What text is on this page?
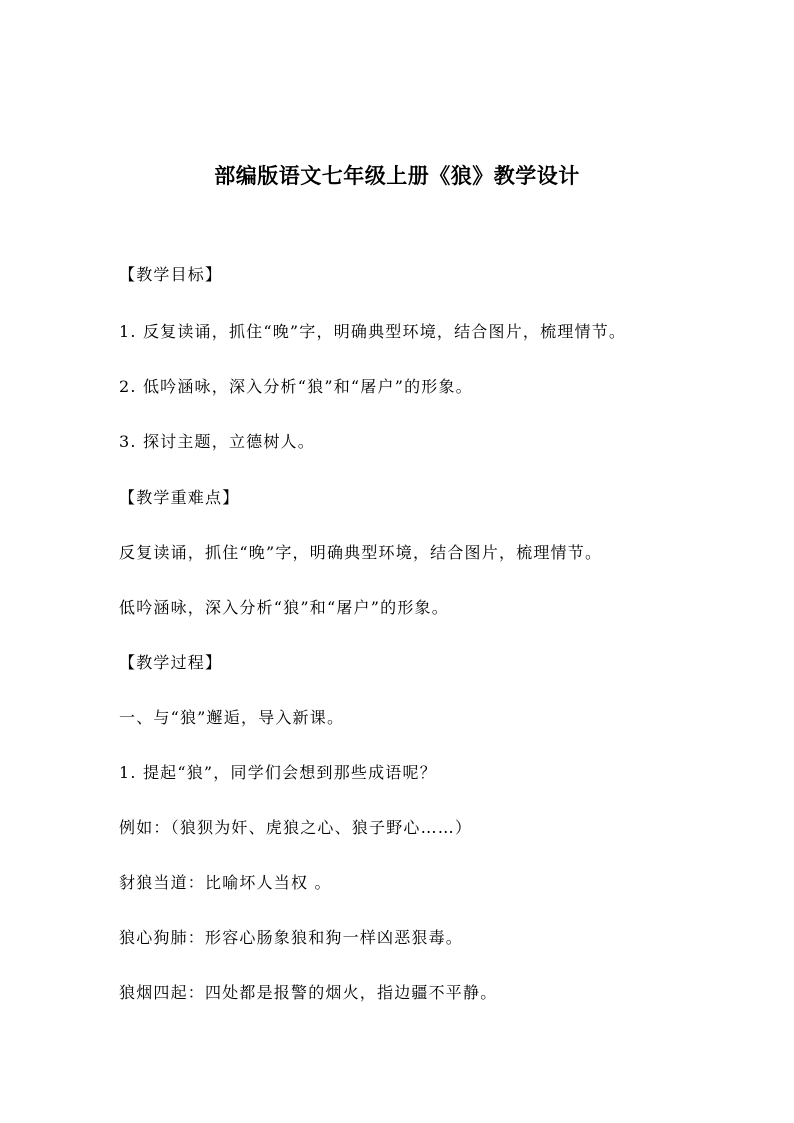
部编版语文七年级上册《狼》教学设计
【教学目标】
1. 反复读诵，抓住“晚”字，明确典型环境，结合图片，梳理情节。
2. 低吟涵咏，深入分析“狼”和“屠户”的形象。
3. 探讨主题，立德树人。
【教学重难点】
反复读诵，抓住“晚”字，明确典型环境，结合图片，梳理情节。
低吟涵咏，深入分析“狼”和“屠户”的形象。
【教学过程】
一、与“狼”邂逅，导入新课。
1. 提起“狼”，同学们会想到那些成语呢？
例如：（狼狈为奸、虎狼之心、狼子野心……）
豺狼当道：比喻坏人当权 。
狼心狗肺：形容心肠象狼和狗一样凶恶狠毒。
狼烟四起：四处都是报警的烟火，指边疆不平静。
